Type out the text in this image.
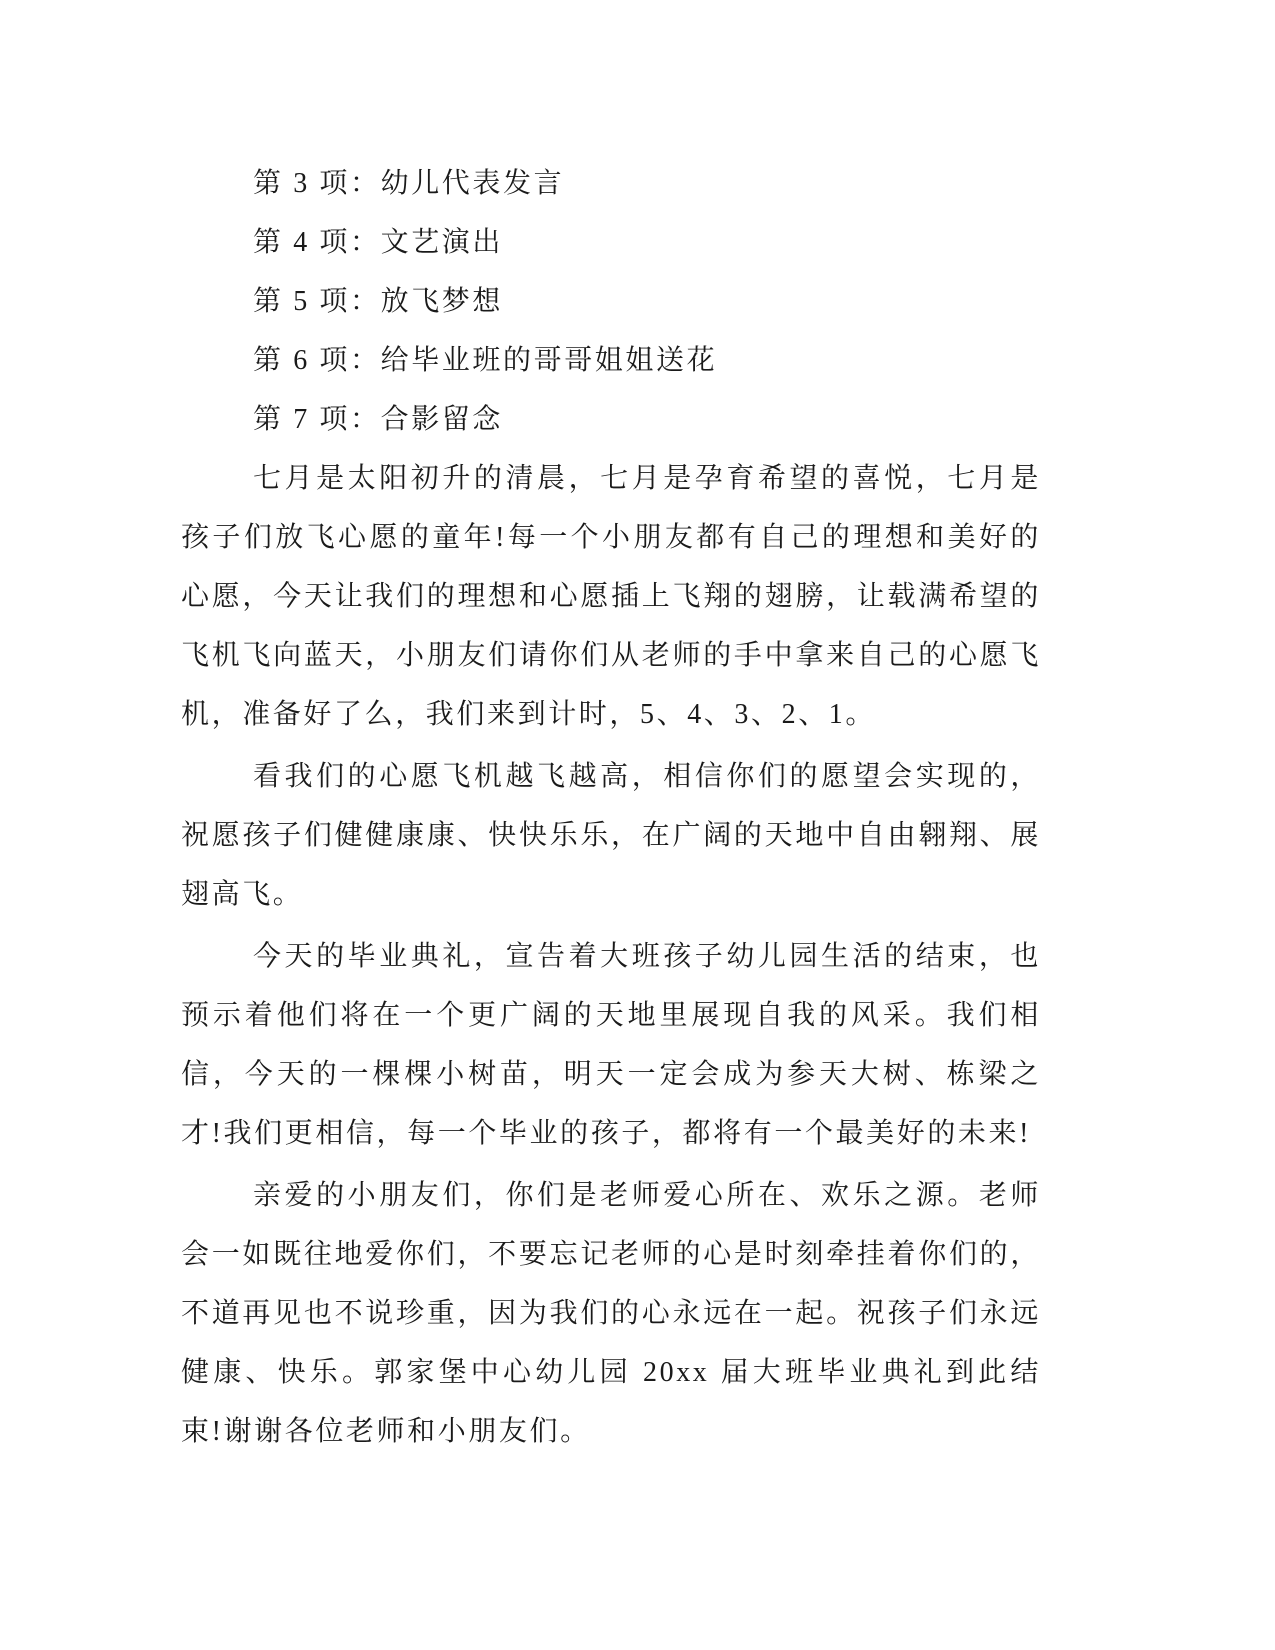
第 3 项：幼儿代表发言

第 4 项：文艺演出

第 5 项：放飞梦想

第 6 项：给毕业班的哥哥姐姐送花

第 7 项：合影留念

七月是太阳初升的清晨，七月是孕育希望的喜悦，七月是孩子们放飞心愿的童年!每一个小朋友都有自己的理想和美好的心愿，今天让我们的理想和心愿插上飞翔的翅膀，让载满希望的飞机飞向蓝天，小朋友们请你们从老师的手中拿来自己的心愿飞机，准备好了么，我们来到计时，5、4、3、2、1。

看我们的心愿飞机越飞越高，相信你们的愿望会实现的，祝愿孩子们健健康康、快快乐乐，在广阔的天地中自由翱翔、展翅高飞。

今天的毕业典礼，宣告着大班孩子幼儿园生活的结束，也预示着他们将在一个更广阔的天地里展现自我的风采。我们相信，今天的一棵棵小树苗，明天一定会成为参天大树、栋梁之才!我们更相信，每一个毕业的孩子，都将有一个最美好的未来!

亲爱的小朋友们，你们是老师爱心所在、欢乐之源。老师会一如既往地爱你们，不要忘记老师的心是时刻牵挂着你们的，不道再见也不说珍重，因为我们的心永远在一起。祝孩子们永远健康、快乐。郭家堡中心幼儿园 20xx 届大班毕业典礼到此结束!谢谢各位老师和小朋友们。
